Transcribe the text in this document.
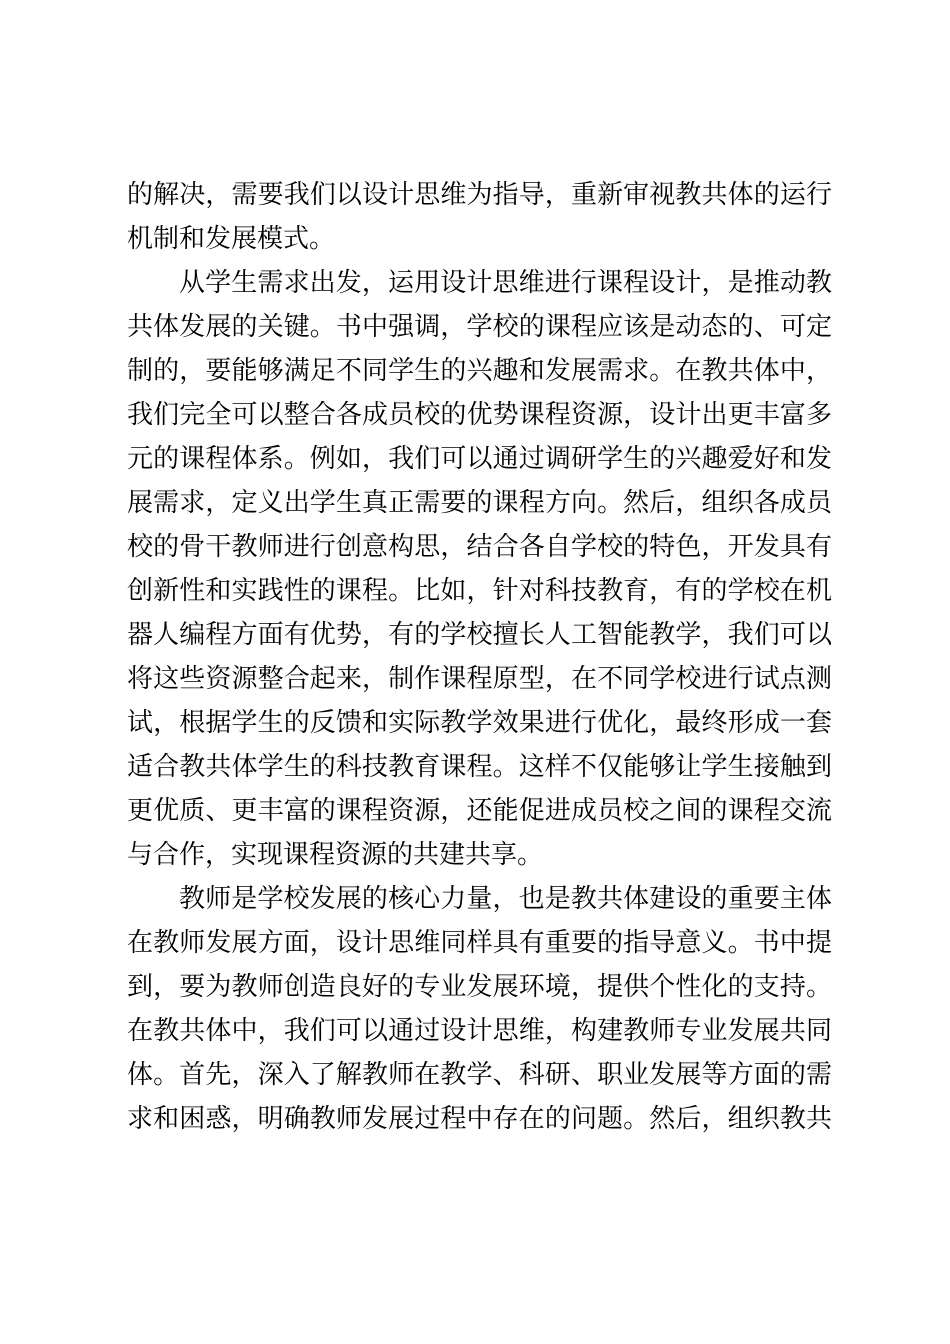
的解决，需要我们以设计思维为指导，重新审视教共体的运行
机制和发展模式。
从学生需求出发，运用设计思维进行课程设计，是推动教
共体发展的关键。书中强调，学校的课程应该是动态的、可定
制的，要能够满足不同学生的兴趣和发展需求。在教共体中，
我们完全可以整合各成员校的优势课程资源，设计出更丰富多
元的课程体系。例如，我们可以通过调研学生的兴趣爱好和发
展需求，定义出学生真正需要的课程方向。然后，组织各成员
校的骨干教师进行创意构思，结合各自学校的特色，开发具有
创新性和实践性的课程。比如，针对科技教育，有的学校在机
器人编程方面有优势，有的学校擅长人工智能教学，我们可以
将这些资源整合起来，制作课程原型，在不同学校进行试点测
试，根据学生的反馈和实际教学效果进行优化，最终形成一套
适合教共体学生的科技教育课程。这样不仅能够让学生接触到
更优质、更丰富的课程资源，还能促进成员校之间的课程交流
与合作，实现课程资源的共建共享。
教师是学校发展的核心力量，也是教共体建设的重要主体
在教师发展方面，设计思维同样具有重要的指导意义。书中提
到，要为教师创造良好的专业发展环境，提供个性化的支持。
在教共体中，我们可以通过设计思维，构建教师专业发展共同
体。首先，深入了解教师在教学、科研、职业发展等方面的需
求和困惑，明确教师发展过程中存在的问题。然后，组织教共
